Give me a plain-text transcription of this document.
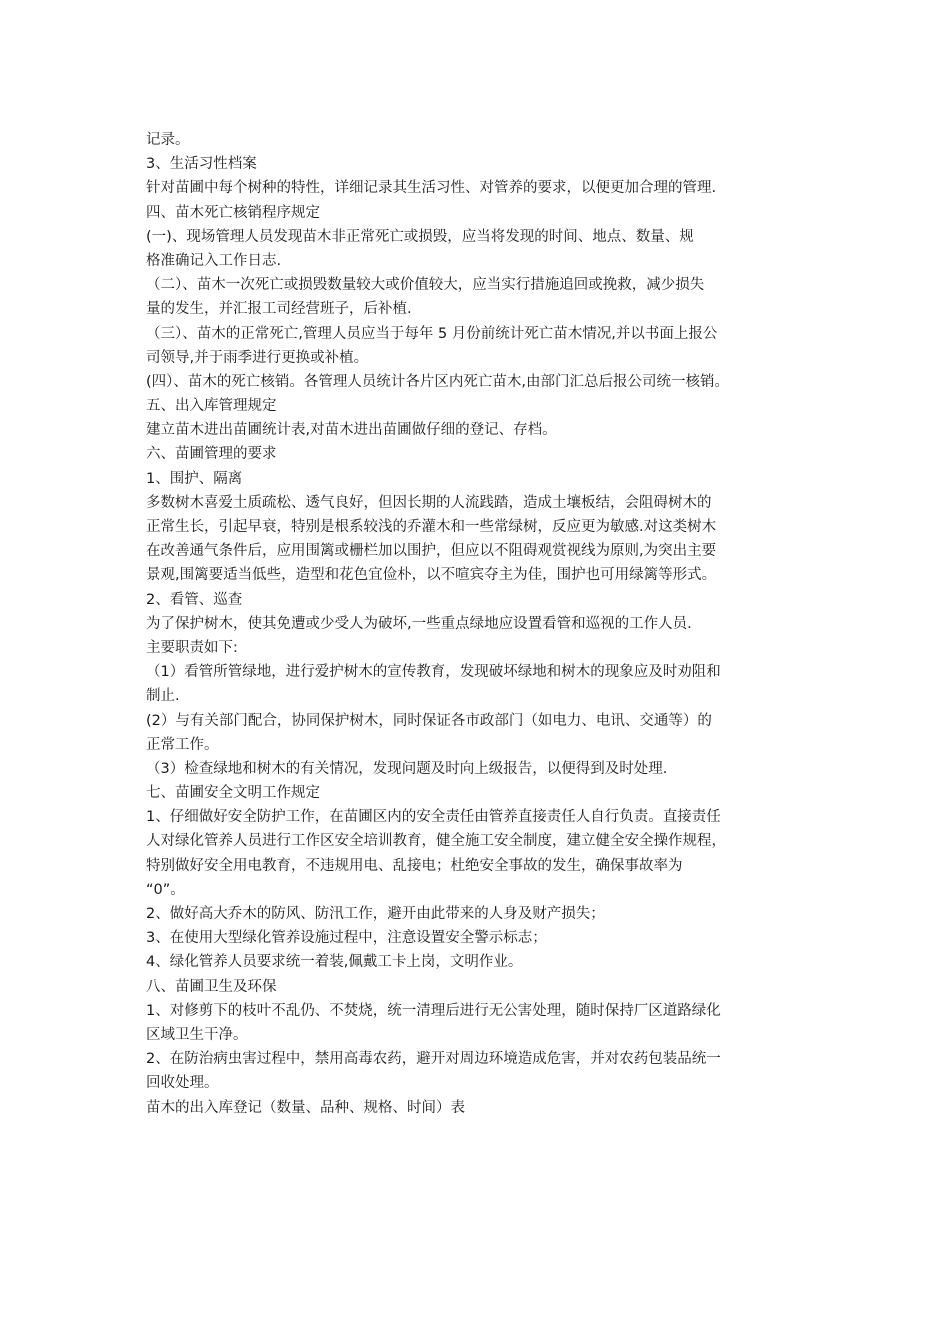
记录。
3、生活习性档案
针对苗圃中每个树种的特性，详细记录其生活习性、对管养的要求，以便更加合理的管理.
四、苗木死亡核销程序规定
(一)、现场管理人员发现苗木非正常死亡或损毁，应当将发现的时间、地点、数量、规
格准确记入工作日志.
（二）、苗木一次死亡或损毁数量较大或价值较大，应当实行措施追回或挽救，减少损失
量的发生，并汇报工司经营班子，后补植.
（三）、苗木的正常死亡,管理人员应当于每年 5 月份前统计死亡苗木情况,并以书面上报公
司领导,并于雨季进行更换或补植。
(四）、苗木的死亡核销。各管理人员统计各片区内死亡苗木,由部门汇总后报公司统一核销。
五、出入库管理规定
建立苗木进出苗圃统计表,对苗木进出苗圃做仔细的登记、存档。
六、苗圃管理的要求
1、围护、隔离
多数树木喜爱土质疏松、透气良好，但因长期的人流践踏，造成土壤板结，会阻碍树木的
正常生长，引起早衰，特别是根系较浅的乔灌木和一些常绿树，反应更为敏感.对这类树木
在改善通气条件后，应用围篱或栅栏加以围护，但应以不阻碍观赏视线为原则,为突出主要
景观,围篱要适当低些，造型和花色宜俭朴，以不喧宾夺主为佳，围护也可用绿篱等形式。
2、看管、巡查
为了保护树木，使其免遭或少受人为破坏,一些重点绿地应设置看管和巡视的工作人员.
主要职责如下:
（1）看管所管绿地，进行爱护树木的宣传教育，发现破坏绿地和树木的现象应及时劝阻和
制止.
(2）与有关部门配合，协同保护树木，同时保证各市政部门（如电力、电讯、交通等）的
正常工作。
（3）检查绿地和树木的有关情况，发现问题及时向上级报告，以便得到及时处理.
七、苗圃安全文明工作规定
1、仔细做好安全防护工作，在苗圃区内的安全责任由管养直接责任人自行负责。直接责任
人对绿化管养人员进行工作区安全培训教育，健全施工安全制度，建立健全安全操作规程，
特别做好安全用电教育，不违规用电、乱接电；杜绝安全事故的发生，确保事故率为
“0”。
2、做好高大乔木的防风、防汛工作，避开由此带来的人身及财产损失；
3、在使用大型绿化管养设施过程中，注意设置安全警示标志；
4、绿化管养人员要求统一着装,佩戴工卡上岗，文明作业。
八、苗圃卫生及环保
1、对修剪下的枝叶不乱仍、不焚烧，统一清理后进行无公害处理，随时保持厂区道路绿化
区域卫生干净。
2、在防治病虫害过程中，禁用高毒农药，避开对周边环境造成危害，并对农药包装品统一
回收处理。
苗木的出入库登记（数量、品种、规格、时间）表
